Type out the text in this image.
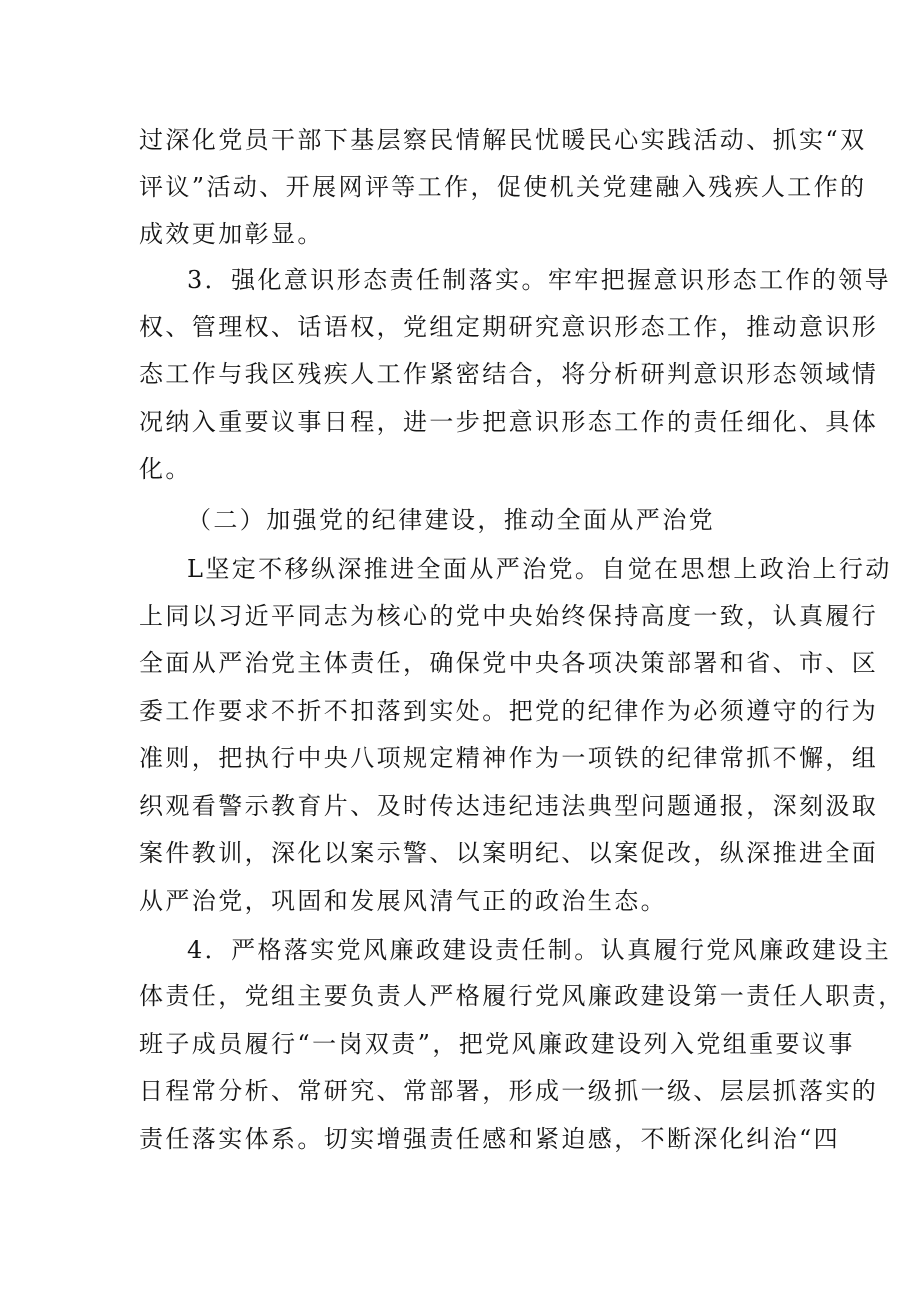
过深化党员干部下基层察民情解民忧暖民心实践活动、抓实“双
评议”活动、开展网评等工作，促使机关党建融入残疾人工作的
成效更加彰显。
3．强化意识形态责任制落实。牢牢把握意识形态工作的领导
权、管理权、话语权，党组定期研究意识形态工作，推动意识形
态工作与我区残疾人工作紧密结合，将分析研判意识形态领域情
况纳入重要议事日程，进一步把意识形态工作的责任细化、具体
化。
（二）加强党的纪律建设，推动全面从严治党
L坚定不移纵深推进全面从严治党。自觉在思想上政治上行动
上同以习近平同志为核心的党中央始终保持高度一致，认真履行
全面从严治党主体责任，确保党中央各项决策部署和省、市、区
委工作要求不折不扣落到实处。把党的纪律作为必须遵守的行为
准则，把执行中央八项规定精神作为一项铁的纪律常抓不懈，组
织观看警示教育片、及时传达违纪违法典型问题通报，深刻汲取
案件教训，深化以案示警、以案明纪、以案促改，纵深推进全面
从严治党，巩固和发展风清气正的政治生态。
4．严格落实党风廉政建设责任制。认真履行党风廉政建设主
体责任，党组主要负责人严格履行党风廉政建设第一责任人职责，
班子成员履行“一岗双责”，把党风廉政建设列入党组重要议事
日程常分析、常研究、常部署，形成一级抓一级、层层抓落实的
责任落实体系。切实增强责任感和紧迫感，不断深化纠治“四
